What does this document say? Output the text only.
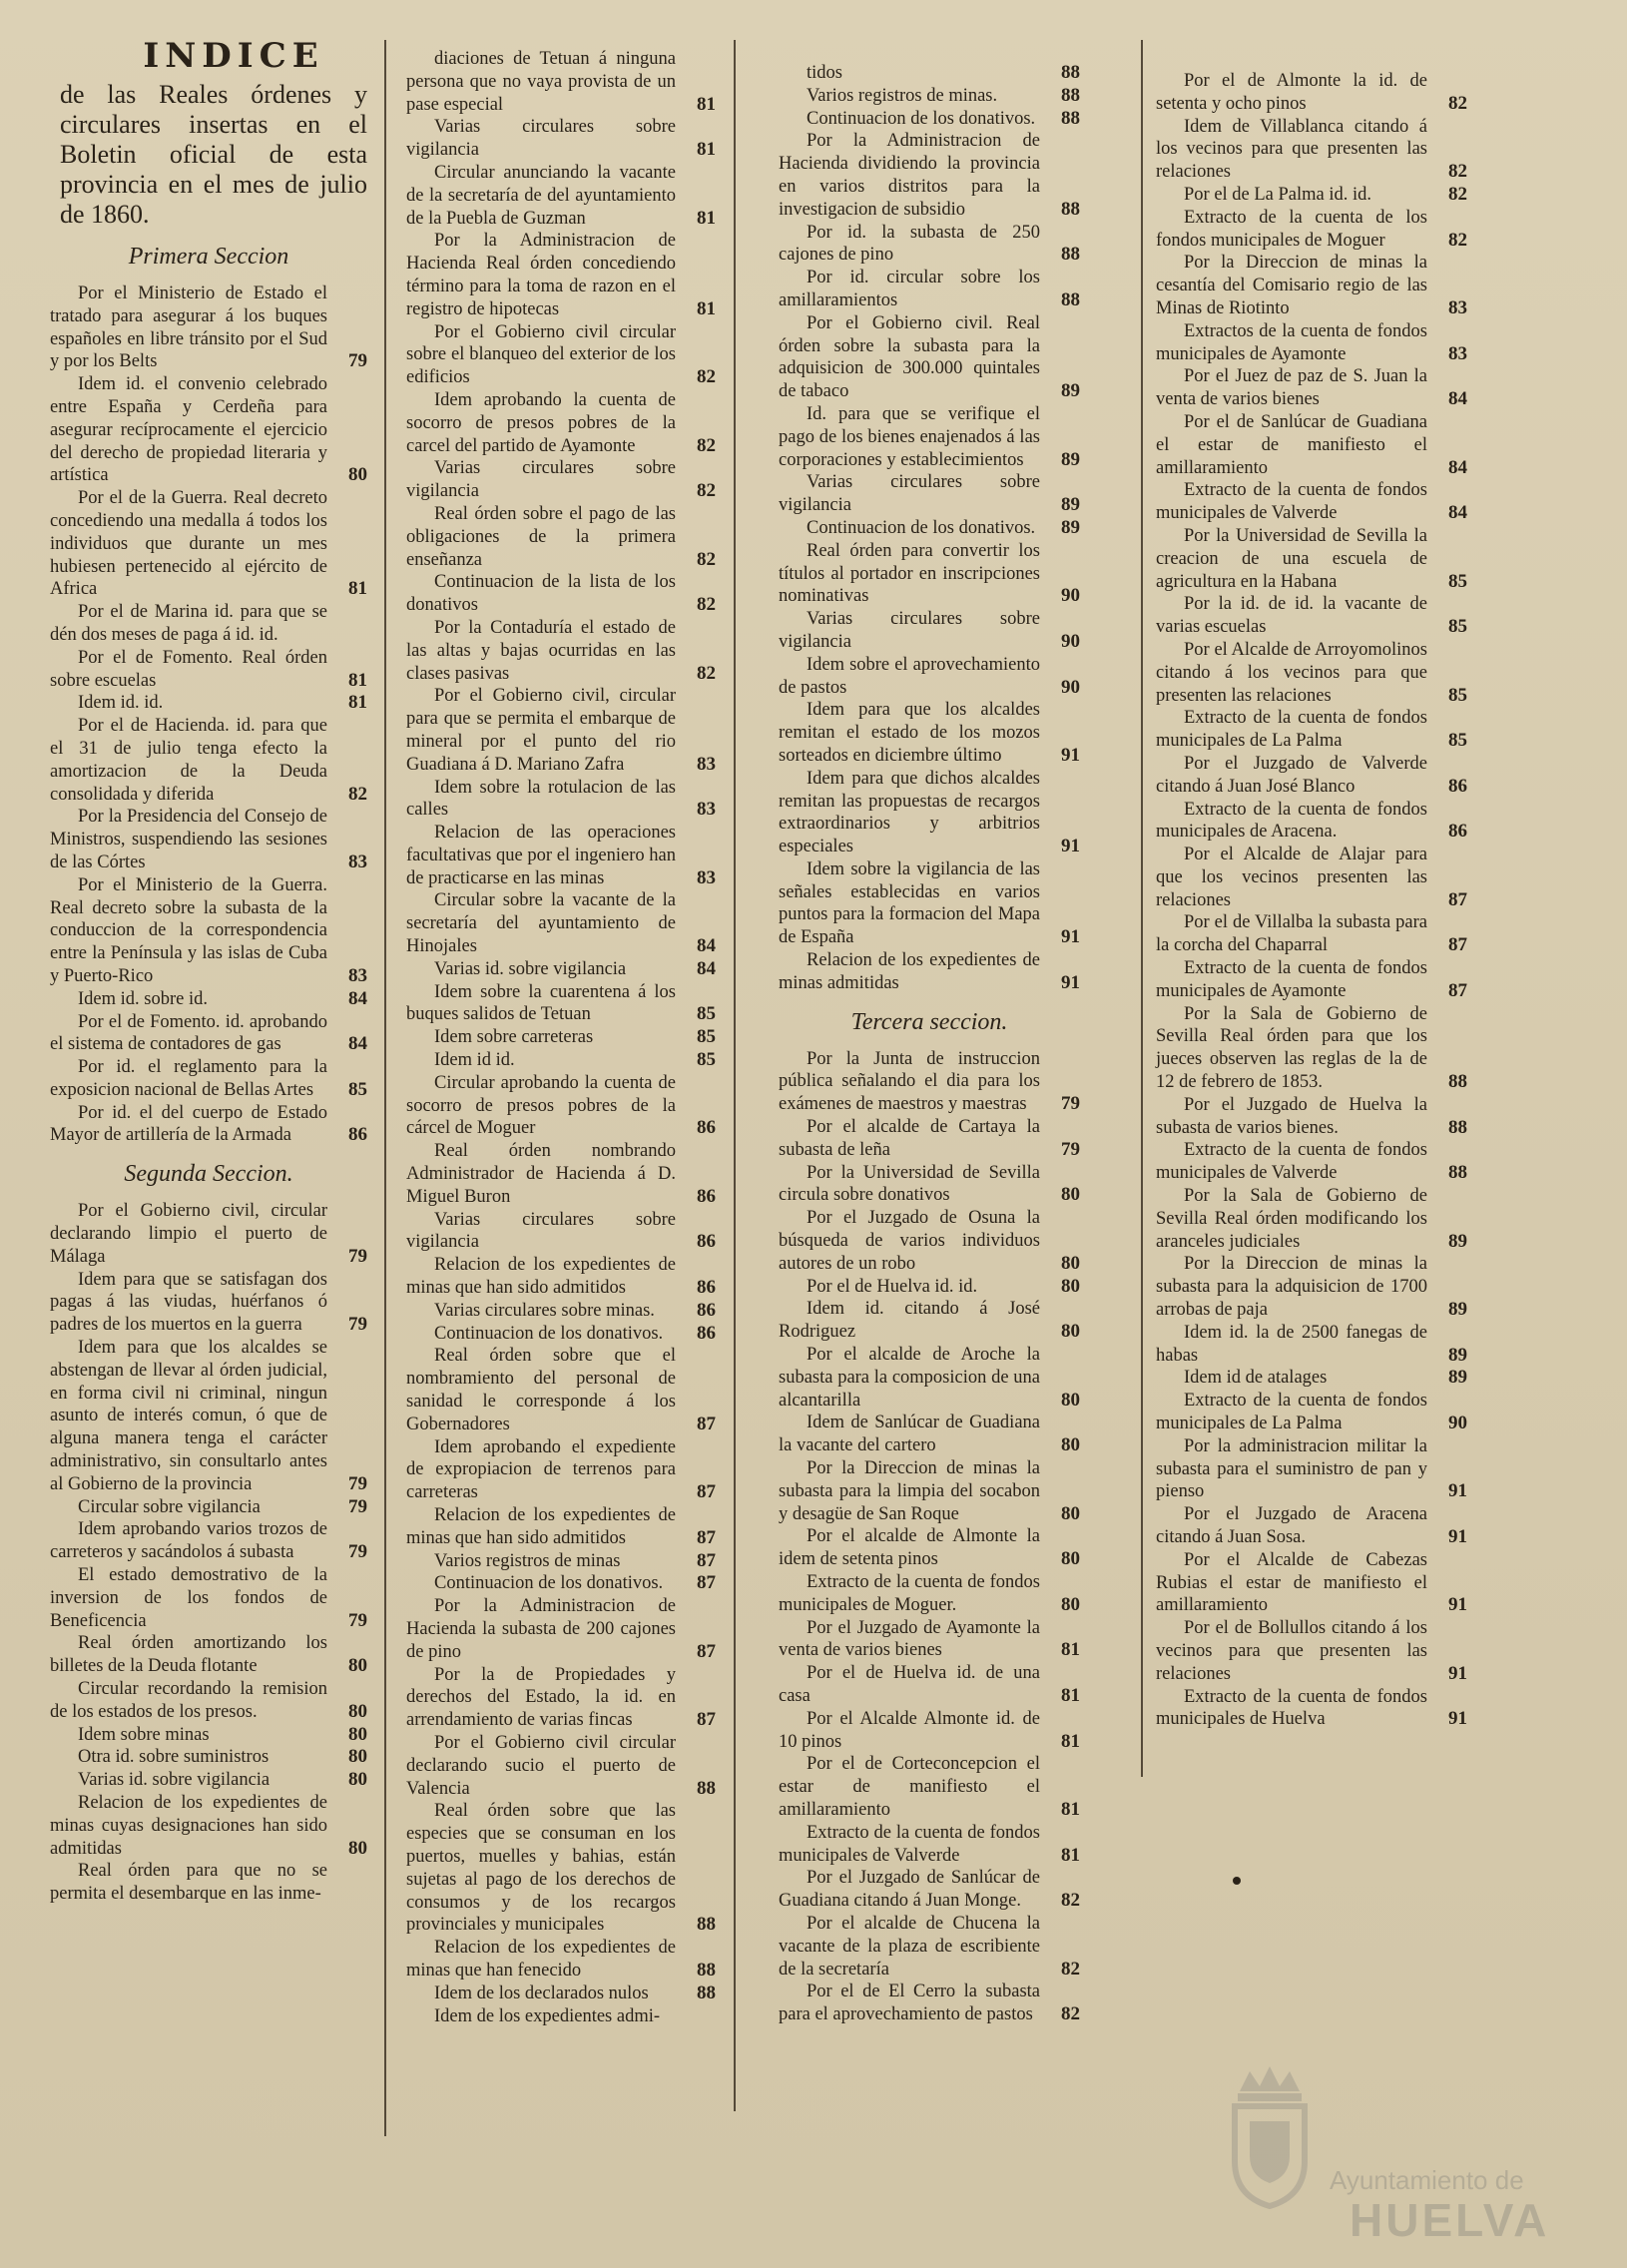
INDICE
de las Reales órdenes y circulares insertas en el Boletin oficial de esta provincia en el mes de julio de 1860.
Primera Seccion

Por el Ministerio de Estado el tratado para asegurar á los buques españoles en libre tránsito por el Sud y por los Belts	79

Idem id. el convenio celebrado entre España y Cerdeña para asegurar recíprocamente el ejercicio del derecho de propiedad literaria y artística	80

Por el de la Guerra. Real decreto concediendo una medalla á todos los individuos que durante un mes hubiesen pertenecido al ejército de Africa	81

Por el de Marina id. para que se dén dos meses de paga á id. id.

Por el de Fomento. Real órden sobre escuelas	81

Idem id. id.	81

Por el de Hacienda. id. para que el 31 de julio tenga efecto la amortizacion de la Deuda consolidada y diferida	82

Por la Presidencia del Consejo de Ministros, suspendiendo las sesiones de las Córtes	83

Por el Ministerio de la Guerra. Real decreto sobre la subasta de la conduccion de la correspondencia entre la Península y las islas de Cuba y Puerto-Rico	83

Idem id. sobre id.	84

Por el de Fomento. id. aprobando el sistema de contadores de gas	84

Por id. el reglamento para la exposicion nacional de Bellas Artes	85

Por id. el del cuerpo de Estado Mayor de artillería de la Armada	86

Segunda Seccion.

Por el Gobierno civil, circular declarando limpio el puerto de Málaga	79

Idem para que se satisfagan dos pagas á las viudas, huérfanos ó padres de los muertos en la guerra	79

Idem para que los alcaldes se abstengan de llevar al órden judicial, en forma civil ni criminal, ningun asunto de interés comun, ó que de alguna manera tenga el carácter administrativo, sin consultarlo antes al Gobierno de la provincia	79

Circular sobre vigilancia	79

Idem aprobando varios trozos de carreteros y sacándolos á subasta	79

El estado demostrativo de la inversion de los fondos de Beneficencia	79

Real órden amortizando los billetes de la Deuda flotante	80

Circular recordando la remision de los estados de los presos.	80

Idem sobre minas	80

Otra id. sobre suministros	80

Varias id. sobre vigilancia	80

Relacion de los expedientes de minas cuyas designaciones han sido admitidas	80

Real órden para que no se permita el desembarque en las inme-

diaciones de Tetuan á ninguna persona que no vaya provista de un pase especial	81

Varias circulares sobre vigilancia	81

Circular anunciando la vacante de la secretaría de del ayuntamiento de la Puebla de Guzman	81

Por la Administracion de Hacienda Real órden concediendo término para la toma de razon en el registro de hipotecas	81

Por el Gobierno civil circular sobre el blanqueo del exterior de los edificios	82

Idem aprobando la cuenta de socorro de presos pobres de la carcel del partido de Ayamonte	82

Varias circulares sobre vigilancia	82

Real órden sobre el pago de las obligaciones de la primera enseñanza	82

Continuacion de la lista de los donativos	82

Por la Contaduría el estado de las altas y bajas ocurridas en las clases pasivas	82

Por el Gobierno civil, circular para que se permita el embarque de mineral por el punto del rio Guadiana á D. Mariano Zafra	83

Idem sobre la rotulacion de las calles	83

Relacion de las operaciones facultativas que por el ingeniero han de practicarse en las minas	83

Circular sobre la vacante de la secretaría del ayuntamiento de Hinojales	84

Varias id. sobre vigilancia	84

Idem sobre la cuarentena á los buques salidos de Tetuan	85

Idem sobre carreteras	85

Idem id id.	85

Circular aprobando la cuenta de socorro de presos pobres de la cárcel de Moguer	86

Real órden nombrando Administrador de Hacienda á D. Miguel Buron	86

Varias circulares sobre vigilancia	86

Relacion de los expedientes de minas que han sido admitidos	86

Varias circulares sobre minas.	86

Continuacion de los donativos.	86

Real órden sobre que el nombramiento del personal de sanidad le corresponde á los Gobernadores	87

Idem aprobando el expediente de expropiacion de terrenos para carreteras	87

Relacion de los expedientes de minas que han sido admitidos	87

Varios registros de minas	87

Continuacion de los donativos.	87

Por la Administracion de Hacienda la subasta de 200 cajones de pino	87

Por la de Propiedades y derechos del Estado, la id. en arrendamiento de varias fincas	87

Por el Gobierno civil circular declarando sucio el puerto de Valencia	88

Real órden sobre que las especies que se consuman en los puertos, muelles y bahias, están sujetas al pago de los derechos de consumos y de los recargos provinciales y municipales	88

Relacion de los expedientes de minas que han fenecido	88

Idem de los declarados nulos	88

Idem de los expedientes admi-

tidos	88

Varios registros de minas.	88

Continuacion de los donativos.	88

Por la Administracion de Hacienda dividiendo la provincia en varios distritos para la investigacion de subsidio	88

Por id. la subasta de 250 cajones de pino	88

Por id. circular sobre los amillaramientos	88

Por el Gobierno civil. Real órden sobre la subasta para la adquisicion de 300.000 quintales de tabaco	89

Id. para que se verifique el pago de los bienes enajenados á las corporaciones y establecimientos	89

Varias circulares sobre vigilancia	89

Continuacion de los donativos.	89

Real órden para convertir los títulos al portador en inscripciones nominativas	90

Varias circulares sobre vigilancia	90

Idem sobre el aprovechamiento de pastos	90

Idem para que los alcaldes remitan el estado de los mozos sorteados en diciembre último	91

Idem para que dichos alcaldes remitan las propuestas de recargos extraordinarios y arbitrios especiales	91

Idem sobre la vigilancia de las señales establecidas en varios puntos para la formacion del Mapa de España	91

Relacion de los expedientes de minas admitidas	91

Tercera seccion.

Por la Junta de instruccion pública señalando el dia para los exámenes de maestros y maestras	79

Por el alcalde de Cartaya la subasta de leña	79

Por la Universidad de Sevilla circula sobre donativos	80

Por el Juzgado de Osuna la búsqueda de varios individuos autores de un robo	80

Por el de Huelva id. id.	80

Idem id. citando á José Rodriguez	80

Por el alcalde de Aroche la subasta para la composicion de una alcantarilla	80

Idem de Sanlúcar de Guadiana la vacante del cartero	80

Por la Direccion de minas la subasta para la limpia del socabon y desagüe de San Roque	80

Por el alcalde de Almonte la idem de setenta pinos	80

Extracto de la cuenta de fondos municipales de Moguer.	80

Por el Juzgado de Ayamonte la venta de varios bienes	81

Por el de Huelva id. de una casa	81

Por el Alcalde Almonte id. de 10 pinos	81

Por el de Corteconcepcion el estar de manifiesto el amillaramiento	81

Extracto de la cuenta de fondos municipales de Valverde	81

Por el Juzgado de Sanlúcar de Guadiana citando á Juan Monge.	82

Por el alcalde de Chucena la vacante de la plaza de escribiente de la secretaría	82

Por el de El Cerro la subasta para el aprovechamiento de pastos	82

Por el de Almonte la id. de setenta y ocho pinos	82

Idem de Villablanca citando á los vecinos para que presenten las relaciones	82

Por el de La Palma id. id.	82

Extracto de la cuenta de los fondos municipales de Moguer	82

Por la Direccion de minas la cesantía del Comisario regio de las Minas de Riotinto	83

Extractos de la cuenta de fondos municipales de Ayamonte	83

Por el Juez de paz de S. Juan la venta de varios bienes	84

Por el de Sanlúcar de Guadiana el estar de manifiesto el amillaramiento	84

Extracto de la cuenta de fondos municipales de Valverde	84

Por la Universidad de Sevilla la creacion de una escuela de agricultura en la Habana	85

Por la id. de id. la vacante de varias escuelas	85

Por el Alcalde de Arroyomolinos citando á los vecinos para que presenten las relaciones	85

Extracto de la cuenta de fondos municipales de La Palma	85

Por el Juzgado de Valverde citando á Juan José Blanco	86

Extracto de la cuenta de fondos municipales de Aracena.	86

Por el Alcalde de Alajar para que los vecinos presenten las relaciones	87

Por el de Villalba la subasta para la corcha del Chaparral	87

Extracto de la cuenta de fondos municipales de Ayamonte	87

Por la Sala de Gobierno de Sevilla Real órden para que los jueces observen las reglas de la de 12 de febrero de 1853.	88

Por el Juzgado de Huelva la subasta de varios bienes.	88

Extracto de la cuenta de fondos municipales de Valverde	88

Por la Sala de Gobierno de Sevilla Real órden modificando los aranceles judiciales	89

Por la Direccion de minas la subasta para la adquisicion de 1700 arrobas de paja	89

Idem id. la de 2500 fanegas de habas	89

Idem id de atalages	89

Extracto de la cuenta de fondos municipales de La Palma	90

Por la administracion militar la subasta para el suministro de pan y pienso	91

Por el Juzgado de Aracena citando á Juan Sosa.	91

Por el Alcalde de Cabezas Rubias el estar de manifiesto el amillaramiento	91

Por el de Bollullos citando á los vecinos para que presenten las relaciones	91

Extracto de la cuenta de fondos municipales de Huelva	91

Ayuntamiento de
HUELVA
